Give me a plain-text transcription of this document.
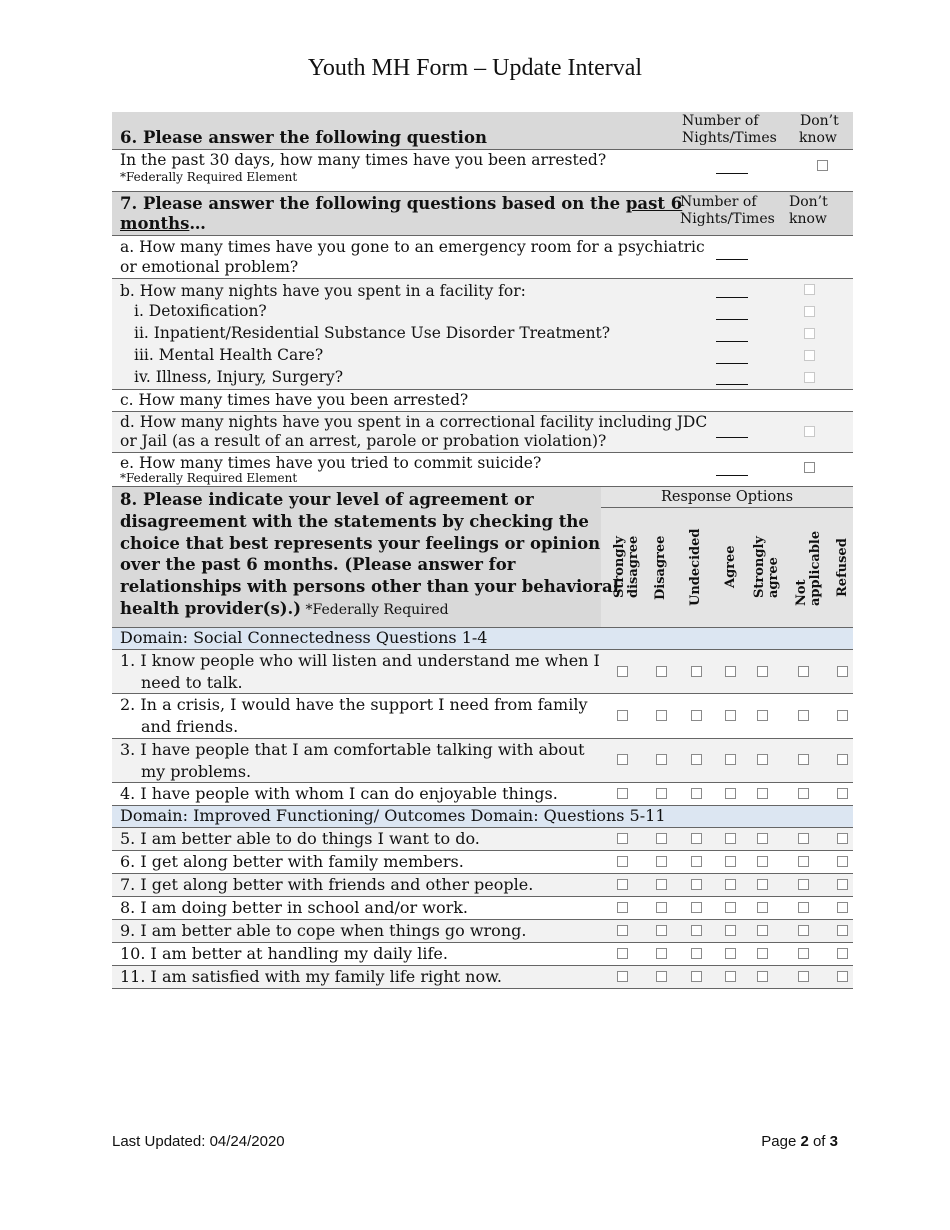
Youth MH Form – Update Interval
6. Please answer the following question
Number of
Nights/Times
Don’t
know
In the past 30 days, how many times have you been arrested?
*Federally Required Element
7. Please answer the following questions based on the past 6
months…
Number of
Nights/Times
Don’t
know
a. How many times have you gone to an emergency room for a psychiatric
or emotional problem?
b. How many nights have you spent in a facility for:
i. Detoxification?
ii. Inpatient/Residential Substance Use Disorder Treatment?
iii. Mental Health Care?
iv. Illness, Injury, Surgery?
c. How many times have you been arrested?
d. How many nights have you spent in a correctional facility including JDC
or Jail (as a result of an arrest, parole or probation violation)?
e. How many times have you tried to commit suicide?
*Federally Required Element
Response Options
8. Please indicate your level of agreement or
disagreement with the statements by checking the
choice that best represents your feelings or opinion
over the past 6 months. (Please answer for
relationships with persons other than your behavioral
health provider(s).) *Federally Required
Strongly
disagree Disagree Undecided Agree Strongly
agree Not
applicable Refused
Domain: Social Connectedness Questions 1-4
1. I know people who will listen and understand me when I
need to talk.
2. In a crisis, I would have the support I need from family
and friends.
3. I have people that I am comfortable talking with about
my problems.
4. I have people with whom I can do enjoyable things.
Domain: Improved Functioning/ Outcomes Domain: Questions 5-11
5. I am better able to do things I want to do.
6. I get along better with family members.
7. I get along better with friends and other people.
8. I am doing better in school and/or work.
9. I am better able to cope when things go wrong.
10. I am better at handling my daily life.
11. I am satisfied with my family life right now.
Last Updated: 04/24/2020	Page 2 of 3
